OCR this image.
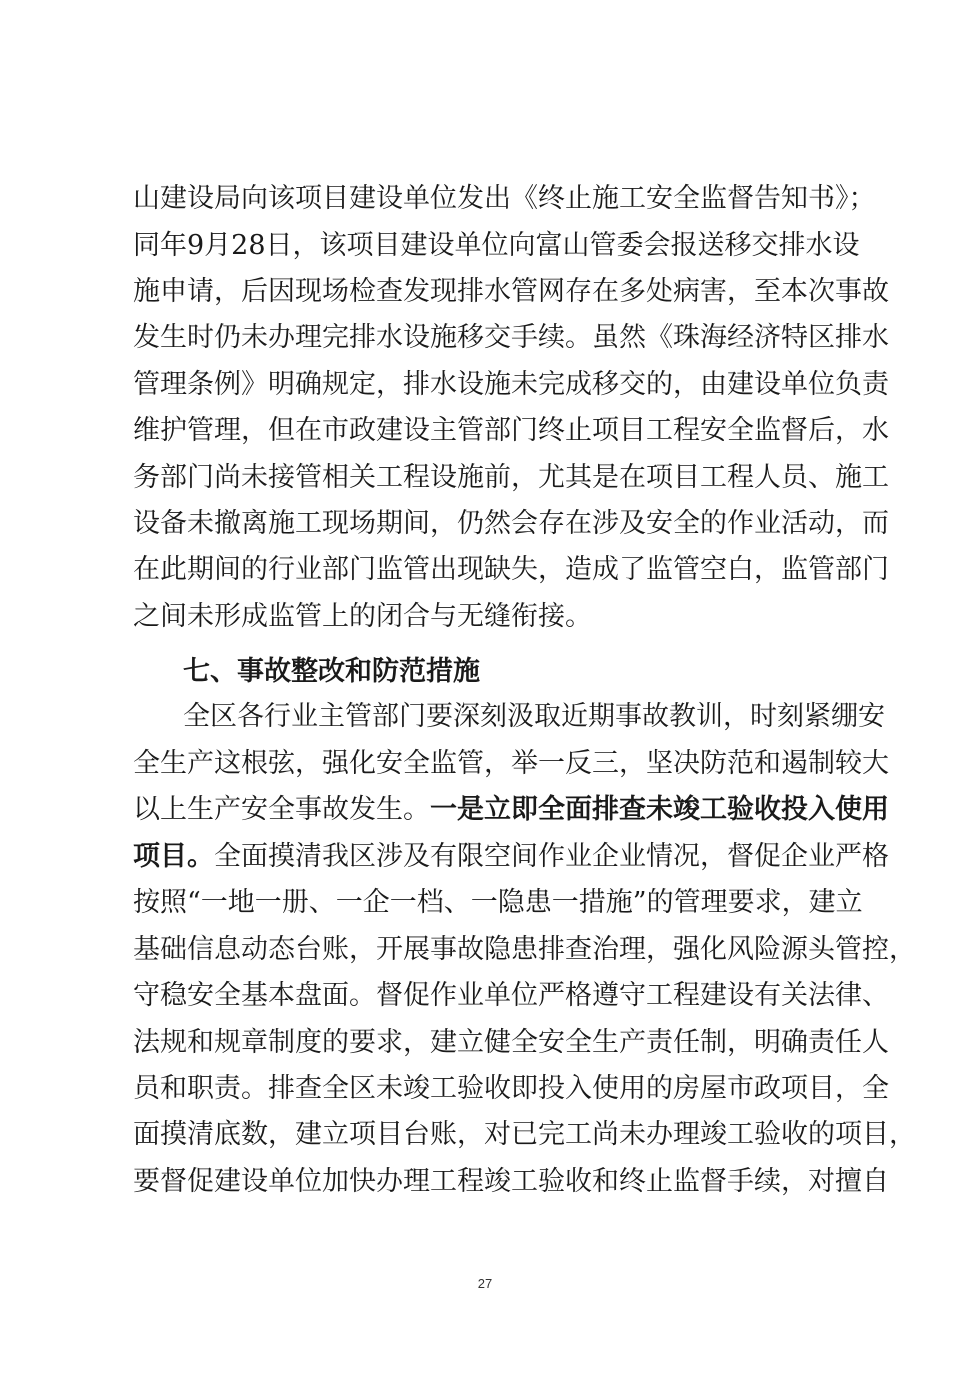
山建设局向该项目建设单位发出《终止施工安全监督告知书》；
同年9月28日，该项目建设单位向富山管委会报送移交排水设
施申请，后因现场检查发现排水管网存在多处病害，至本次事故
发生时仍未办理完排水设施移交手续。虽然《珠海经济特区排水
管理条例》明确规定，排水设施未完成移交的，由建设单位负责
维护管理，但在市政建设主管部门终止项目工程安全监督后，水
务部门尚未接管相关工程设施前，尤其是在项目工程人员、施工
设备未撤离施工现场期间，仍然会存在涉及安全的作业活动，而
在此期间的行业部门监管出现缺失，造成了监管空白，监管部门
之间未形成监管上的闭合与无缝衔接。
七、事故整改和防范措施
全区各行业主管部门要深刻汲取近期事故教训，时刻紧绷安
全生产这根弦，强化安全监管，举一反三，坚决防范和遏制较大
以上生产安全事故发生。一是立即全面排查未竣工验收投入使用
项目。全面摸清我区涉及有限空间作业企业情况，督促企业严格
按照“一地一册、一企一档、一隐患一措施”的管理要求，建立
基础信息动态台账，开展事故隐患排查治理，强化风险源头管控，
守稳安全基本盘面。督促作业单位严格遵守工程建设有关法律、
法规和规章制度的要求，建立健全安全生产责任制，明确责任人
员和职责。排查全区未竣工验收即投入使用的房屋市政项目，全
面摸清底数，建立项目台账，对已完工尚未办理竣工验收的项目，
要督促建设单位加快办理工程竣工验收和终止监督手续，对擅自
27
